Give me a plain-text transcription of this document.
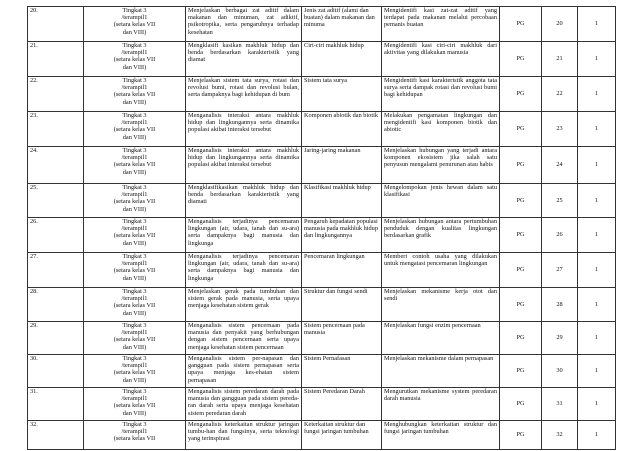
20.	Tingkat 3
/terampil1
(setara kelas VII
dan VIII)	Menjelaskan berbagai zat aditif dalam makanan dan minuman, zat adiktif, psikotropika, serta pengaruhnya terhadap kesehatan	Jenis zat aditif (alami dan buatan) dalam makanan dan minuma	Mengidentifi kasi zat-zat aditif yang terdapat pada makanan melalui percobaan pemanis buatan	PG	20	1
21.	Tingkat 3
/terampil1
(setara kelas VII
dan VIII)	Mengklasifi kasikan makhluk hidup dan benda berdasarkan karakteristik yang diamat	Ciri-ciri makhluk hidup	Mengidentifi kasi ciri-ciri makhluk dari aktivitas yang dilakukan manusia	PG	21	1
22.	Tingkat 3
/terampil1
(setara kelas VII
dan VIII)	Menjelaskan sistem tata surya, rotasi dan revolusi bumi, rotasi dan revolusi bulan, serta dampaknya bagi kehidupan di bum	Sistem tata surya	Mengidentifi kasi karakteristik anggota tata surya serta dampak rotasi dan revolusi bumi bagi kehidupan	PG	22	1
23.	Tingkat 3
/terampil1
(setara kelas VII
dan VIII)	Menganalisis interaksi antara makhluk hidup dan lingkungannya serta dinamika populasi akibat interaksi tersebut	Komponen abiotik dan biotik	Melakukan pengamatan lingkungan dan mengidentifi kasi komponen biotik dan abiotic	PG	23	1
24.	Tingkat 3
/terampil1
(setara kelas VII
dan VIII)	Menganalisis interaksi antara makhluk hidup dan lingkungannya serta dinamika populasi akibat interaksi tersebut	Jaring-jaring makanan	Menjelaskan hubungan yang terjadi antara komponen ekosistem jika salah satu penyusun mengalami penurunan atau habis	PG	24	1
25.	Tingkat 3
/terampil1
(setara kelas VII
dan VIII)	Mengklasifikasikan makhluk hidup dan benda berdasarkan karakteristik yang diamati	Klasifikasi makhluk hidup	Mengelompokan jenis hewan dalam satu klasifikasi	PG	25	1
26.	Tingkat 3
/terampil1
(setara kelas VII
dan VIII)	Menganalisis terjadinya pencemaran lingkungan (air, udara, tanah dan su-ara) serta dampaknya bagi manusia dan lingkunga	Pengaruh kepadatan populasi manusia pada makhluk hidup dan lingkungannya	Menjelaskan hubungan antara pertumbuhan penduduk dengan kualitas lingkungan berdasarkan grafik	PG	26	1
27.	Tingkat 3
/terampil1
(setara kelas VII
dan VIII)	Menganalisis terjadinya pencemaran lingkungan (air, udara, tanah dan su-ara) serta dampaknya bagi manusia dan lingkunga	Pencemaran lingkungan	Memberi contoh usaha yang dilakukan untuk mengatasi pencemaran lingkungan	PG	27	1
28.	Tingkat 3
/terampil1
(setara kelas VII
dan VIII)	Menjelaskan gerak pada tumbuhan dan sistem gerak pada manusia, serta upaya menjaga kesehatan sistem gerak	Struktur dan fungsi sendi	Menjelaskan mekanisme kerja otot dan sendi	PG	28	1
29.	Tingkat 3
/terampil1
(setara kelas VII
dan VIII)	Menganalisis sistem pencernaan pada manusia dan penyakit yang berhubungan dengan sistem pencernaan serta upaya menjaga kesehatan sistem pencernaan	Sistem pencernaan pada manusia	Menjelaskan fungsi enzim pencernaan	PG	29	1
30.	Tingkat 3
/terampil1
(setara kelas VII
dan VIII)	Menganalisis sistem per-napasan dan gangguan pada sistem pernapasan serta upaya menjaga kes-ehatan sistem pernapasan	Sistem Pernafasan	Menjelaskan mekanisme dalam pernapasan	PG	30	1
31.	Tingkat 3
/terampil1
(setara kelas VII
dan VIII)	Menganalisis sistem peredaran darah pada manusia dan gangguan pada sistem pereda-ran darah serta upaya menjaga kesehatan sistem peredaran darah	Sistem Peredaran Darah	Mengurutkan mekanisme system peredaran darah manusia	PG	31	1
32.	Tingkat 3
/terampil1
(setara kelas VII	Menganalisis keterkaitan struktur jaringan tumbu-han dan fungsinya, serta teknologi yang terinspirasi	Keterkaitan struktur dan fungsi jaringan tumbuhan	Menghubungkan keterkaitan struktur dan fungsi jaringan tumbuhan	PG	32	1
